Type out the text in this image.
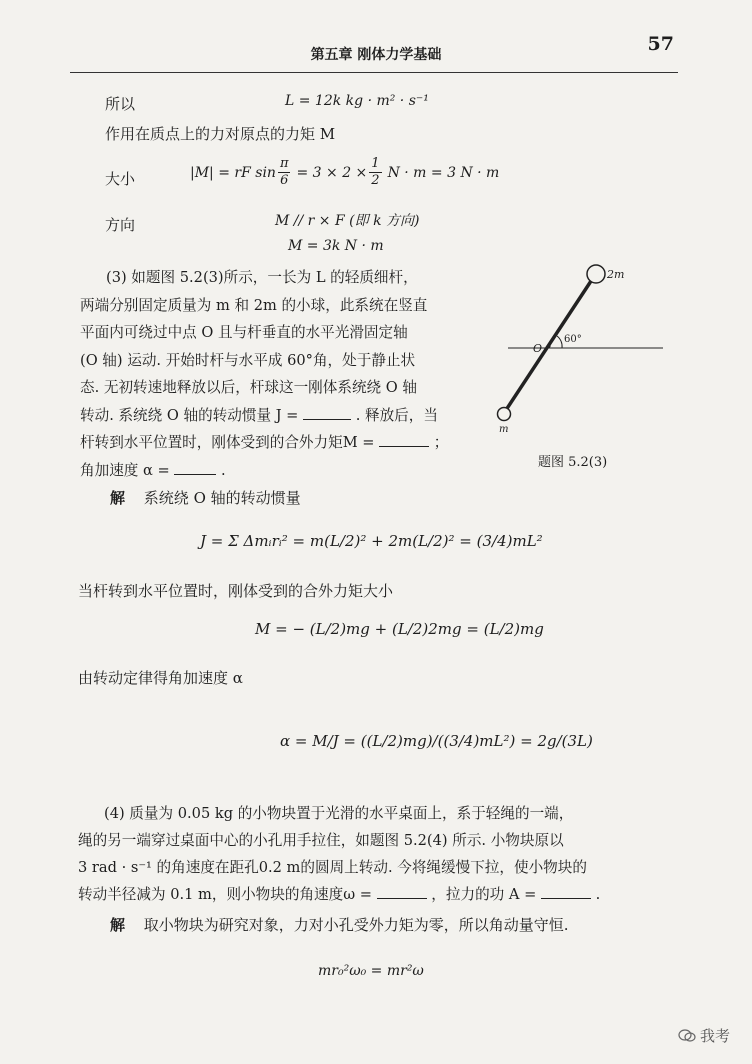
第五章 刚体力学基础	57
所以	L = 12k kg · m² · s⁻¹
作用在质点上的力对原点的力矩 M
大小	|M| = rF $\sin \frac{\pi}{6} = 3 \times 2 \times \frac{1}{2}$ N · m = 3 N · m
方向	M // r × F (即 k 方向)
M = 3k N · m
(3) 如题图 5.2(3)所示，一长为 L 的轻质细杆，
两端分别固定质量为 m 和 2m 的小球，此系统在竖直
平面内可绕过中点 O 且与杆垂直的水平光滑固定轴
(O 轴) 运动. 开始时杆与水平成 60°角，处于静止状
态. 无初转速地释放以后，杆球这一刚体系统绕 O 轴
转动. 系统绕 O 轴的转动惯量 J =	. 释放后，当
杆转到水平位置时，刚体受到的合外力矩M =	；
角加速度 α =	.
2m
m
O
60°
题图 5.2(3)
解 系统绕 O 轴的转动惯量
J = Σ Δmᵢrᵢ² = m(L/2)² + 2m(L/2)² = (3/4)mL²
当杆转到水平位置时，刚体受到的合外力矩大小
M = − (L/2)mg + (L/2)2mg = (L/2)mg
由转动定律得角加速度 α
α = M/J = ((L/2)mg)/((3/4)mL²) = 2g/(3L)
(4) 质量为 0.05 kg 的小物块置于光滑的水平桌面上，系于轻绳的一端，
绳的另一端穿过桌面中心的小孔用手拉住，如题图 5.2(4) 所示. 小物块原以
3 rad · s⁻¹ 的角速度在距孔0.2 m的圆周上转动. 今将绳缓慢下拉，使小物块的
转动半径减为 0.1 m，则小物块的角速度ω =	，拉力的功 A =	.
解 取小物块为研究对象，力对小孔受外力矩为零，所以角动量守恒.
mr₀²ω₀ = mr²ω
我考
